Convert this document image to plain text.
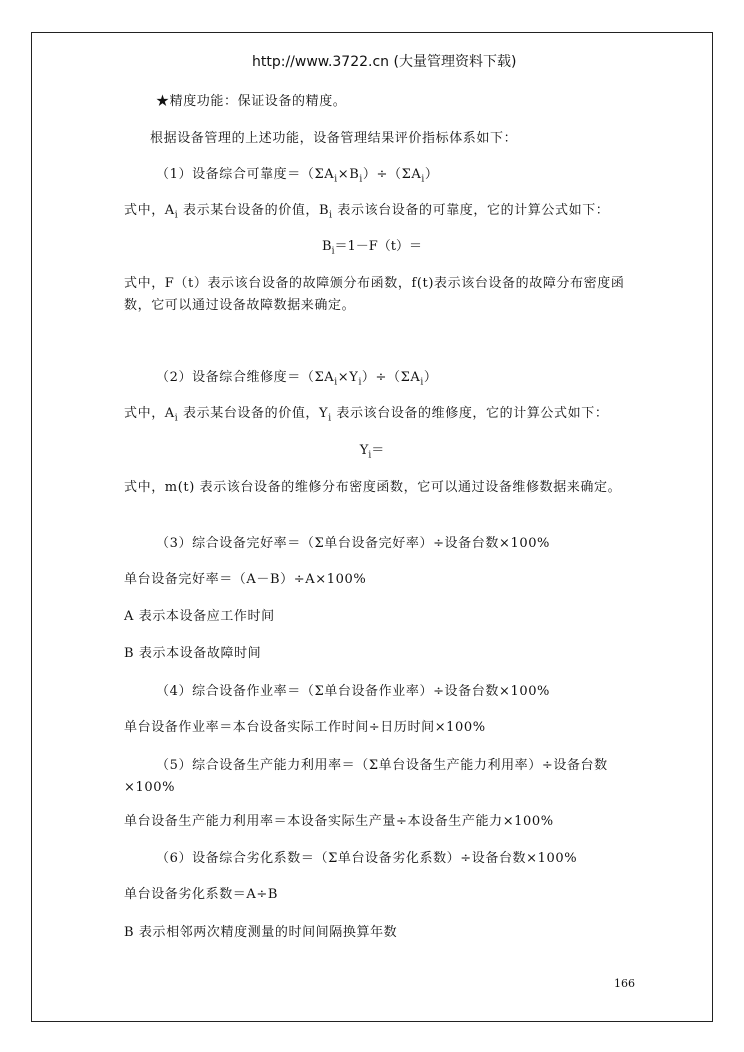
http://www.3722.cn (大量管理资料下载)
★精度功能：保证设备的精度。
根据设备管理的上述功能，设备管理结果评价指标体系如下：
（1）设备综合可靠度$=(\Sigma A_i\times B_i)\div(\Sigma A_i)$
式中，$A_i$ 表示某台设备的价值，$B_i$ 表示该台设备的可靠度，它的计算公式如下：
$B_i=1-F(t)=$
式中，F（t）表示该台设备的故障颁分布函数，f(t)表示该台设备的故障分布密度函数，它可以通过设备故障数据来确定。
（2）设备综合维修度$=(\Sigma A_i\times Y_i)\div(\Sigma A_i)$
式中，$A_i$ 表示某台设备的价值，$Y_i$ 表示该台设备的维修度，它的计算公式如下：
$Y_i=$
式中，m(t) 表示该台设备的维修分布密度函数，它可以通过设备维修数据来确定。
（3）综合设备完好率＝（Σ单台设备完好率）÷设备台数×100%
单台设备完好率＝（A－B）÷A×100%
A 表示本设备应工作时间
B 表示本设备故障时间
（4）综合设备作业率＝（Σ单台设备作业率）÷设备台数×100%
单台设备作业率＝本台设备实际工作时间÷日历时间×100%
（5）综合设备生产能力利用率＝（Σ单台设备生产能力利用率）÷设备台数×100%
单台设备生产能力利用率＝本设备实际生产量÷本设备生产能力×100%
（6）设备综合劣化系数＝（Σ单台设备劣化系数）÷设备台数×100%
单台设备劣化系数＝A÷B
B 表示相邻两次精度测量的时间间隔换算年数
166
